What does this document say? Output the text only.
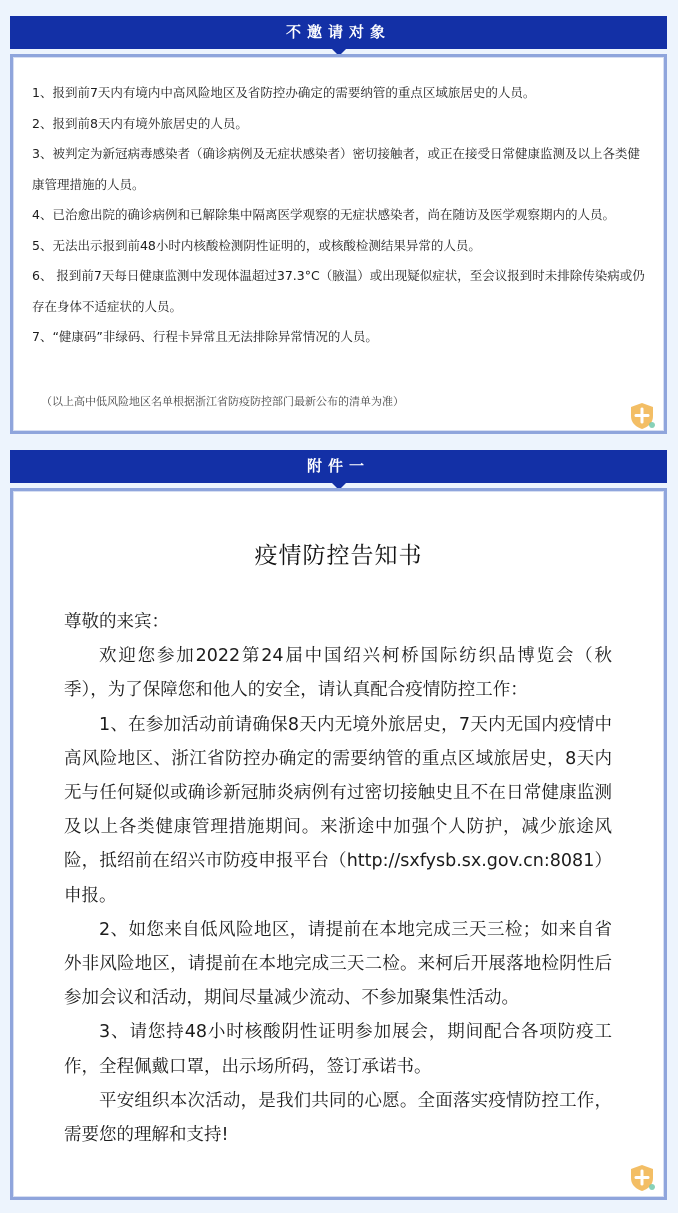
不邀请对象
1、报到前7天内有境内中高风险地区及省防控办确定的需要纳管的重点区域旅居史的人员。
2、报到前8天内有境外旅居史的人员。
3、被判定为新冠病毒感染者（确诊病例及无症状感染者）密切接触者，或正在接受日常健康监测及以上各类健康管理措施的人员。
4、已治愈出院的确诊病例和已解除集中隔离医学观察的无症状感染者，尚在随访及医学观察期内的人员。
5、无法出示报到前48小时内核酸检测阴性证明的，或核酸检测结果异常的人员。
6、 报到前7天每日健康监测中发现体温超过37.3°C（腋温）或出现疑似症状，至会议报到时未排除传染病或仍存在身体不适症状的人员。
7、“健康码”非绿码、行程卡异常且无法排除异常情况的人员。
（以上高中低风险地区名单根据浙江省防疫防控部门最新公布的清单为准）
附件一
疫情防控告知书

尊敬的来宾：

欢迎您参加2022第24届中国绍兴柯桥国际纺织品博览会（秋季），为了保障您和他人的安全，请认真配合疫情防控工作：

1、在参加活动前请确保8天内无境外旅居史，7天内无国内疫情中高风险地区、浙江省防控办确定的需要纳管的重点区域旅居史，8天内无与任何疑似或确诊新冠肺炎病例有过密切接触史且不在日常健康监测及以上各类健康管理措施期间。来浙途中加强个人防护，减少旅途风险，抵绍前在绍兴市防疫申报平台（http://sxfysb.sx.gov.cn:8081）申报。

2、如您来自低风险地区，请提前在本地完成三天三检；如来自省外非风险地区，请提前在本地完成三天二检。来柯后开展落地检阴性后参加会议和活动，期间尽量减少流动、不参加聚集性活动。

3、请您持48小时核酸阴性证明参加展会，期间配合各项防疫工作，全程佩戴口罩，出示场所码，签订承诺书。

平安组织本次活动，是我们共同的心愿。全面落实疫情防控工作，需要您的理解和支持!
